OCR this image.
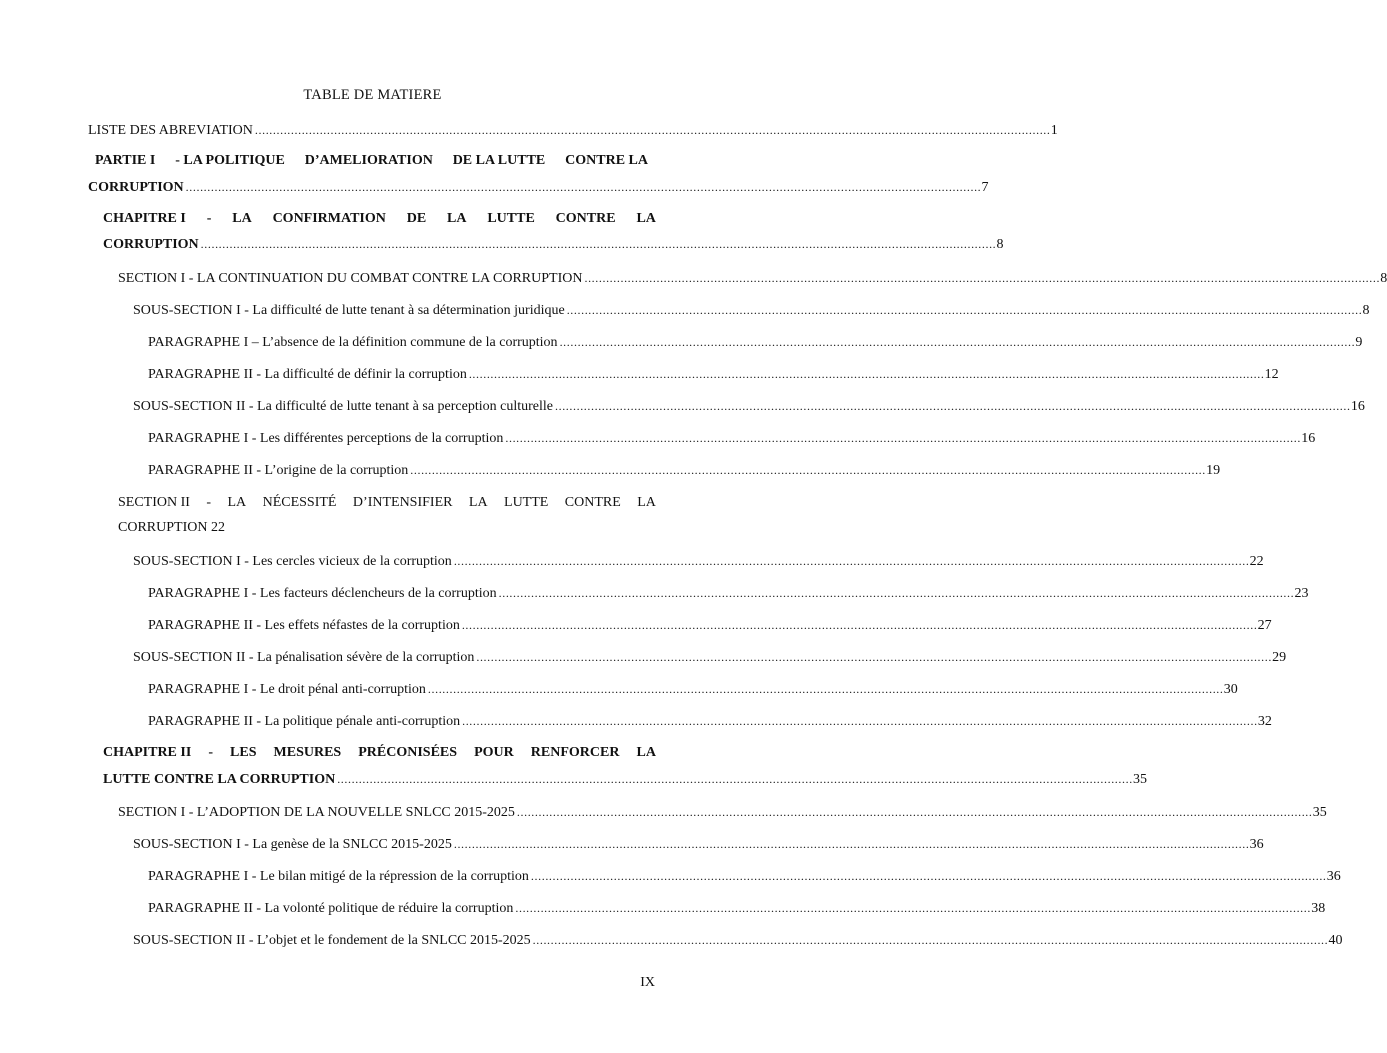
TABLE DE MATIERE
LISTE DES ABREVIATION . . .	1
PARTIE I - LA POLITIQUE D’AMELIORATION DE LA LUTTE CONTRE LA
CORRUPTION . . .	7
CHAPITRE I - LA CONFIRMATION DE LA LUTTE CONTRE LA
CORRUPTION . . .	8
SECTION I - LA CONTINUATION DU COMBAT CONTRE LA CORRUPTION . . .	8
SOUS-SECTION I - La difficulté de lutte tenant à sa détermination juridique . . .	8
PARAGRAPHE I – L’absence de la définition commune de la corruption . . .	9
PARAGRAPHE II - La difficulté de définir la corruption . . .	12
SOUS-SECTION II - La difficulté de lutte tenant à sa perception culturelle . . .	16
PARAGRAPHE I - Les différentes perceptions de la corruption . . .	16
PARAGRAPHE II - L’origine de la corruption . . .	19
SECTION II - LA NÉCESSITÉ D’INTENSIFIER LA LUTTE CONTRE LA
CORRUPTION 22
SOUS-SECTION I - Les cercles vicieux de la corruption . . .	22
PARAGRAPHE I - Les facteurs déclencheurs de la corruption . . .	23
PARAGRAPHE II - Les effets néfastes de la corruption . . .	27
SOUS-SECTION II - La pénalisation sévère de la corruption . . .	29
PARAGRAPHE I - Le droit pénal anti-corruption . . .	30
PARAGRAPHE II - La politique pénale anti-corruption . . .	32
CHAPITRE II - LES MESURES PRÉCONISÉES POUR RENFORCER LA
LUTTE CONTRE LA CORRUPTION . . .	35
SECTION I - L’ADOPTION DE LA NOUVELLE SNLCC 2015-2025 . . .	35
SOUS-SECTION I - La genèse de la SNLCC 2015-2025 . . .	36
PARAGRAPHE I - Le bilan mitigé de la répression de la corruption . . .	36
PARAGRAPHE II - La volonté politique de réduire la corruption . . .	38
SOUS-SECTION II - L’objet et le fondement de la SNLCC 2015-2025 . . .	40
IX
